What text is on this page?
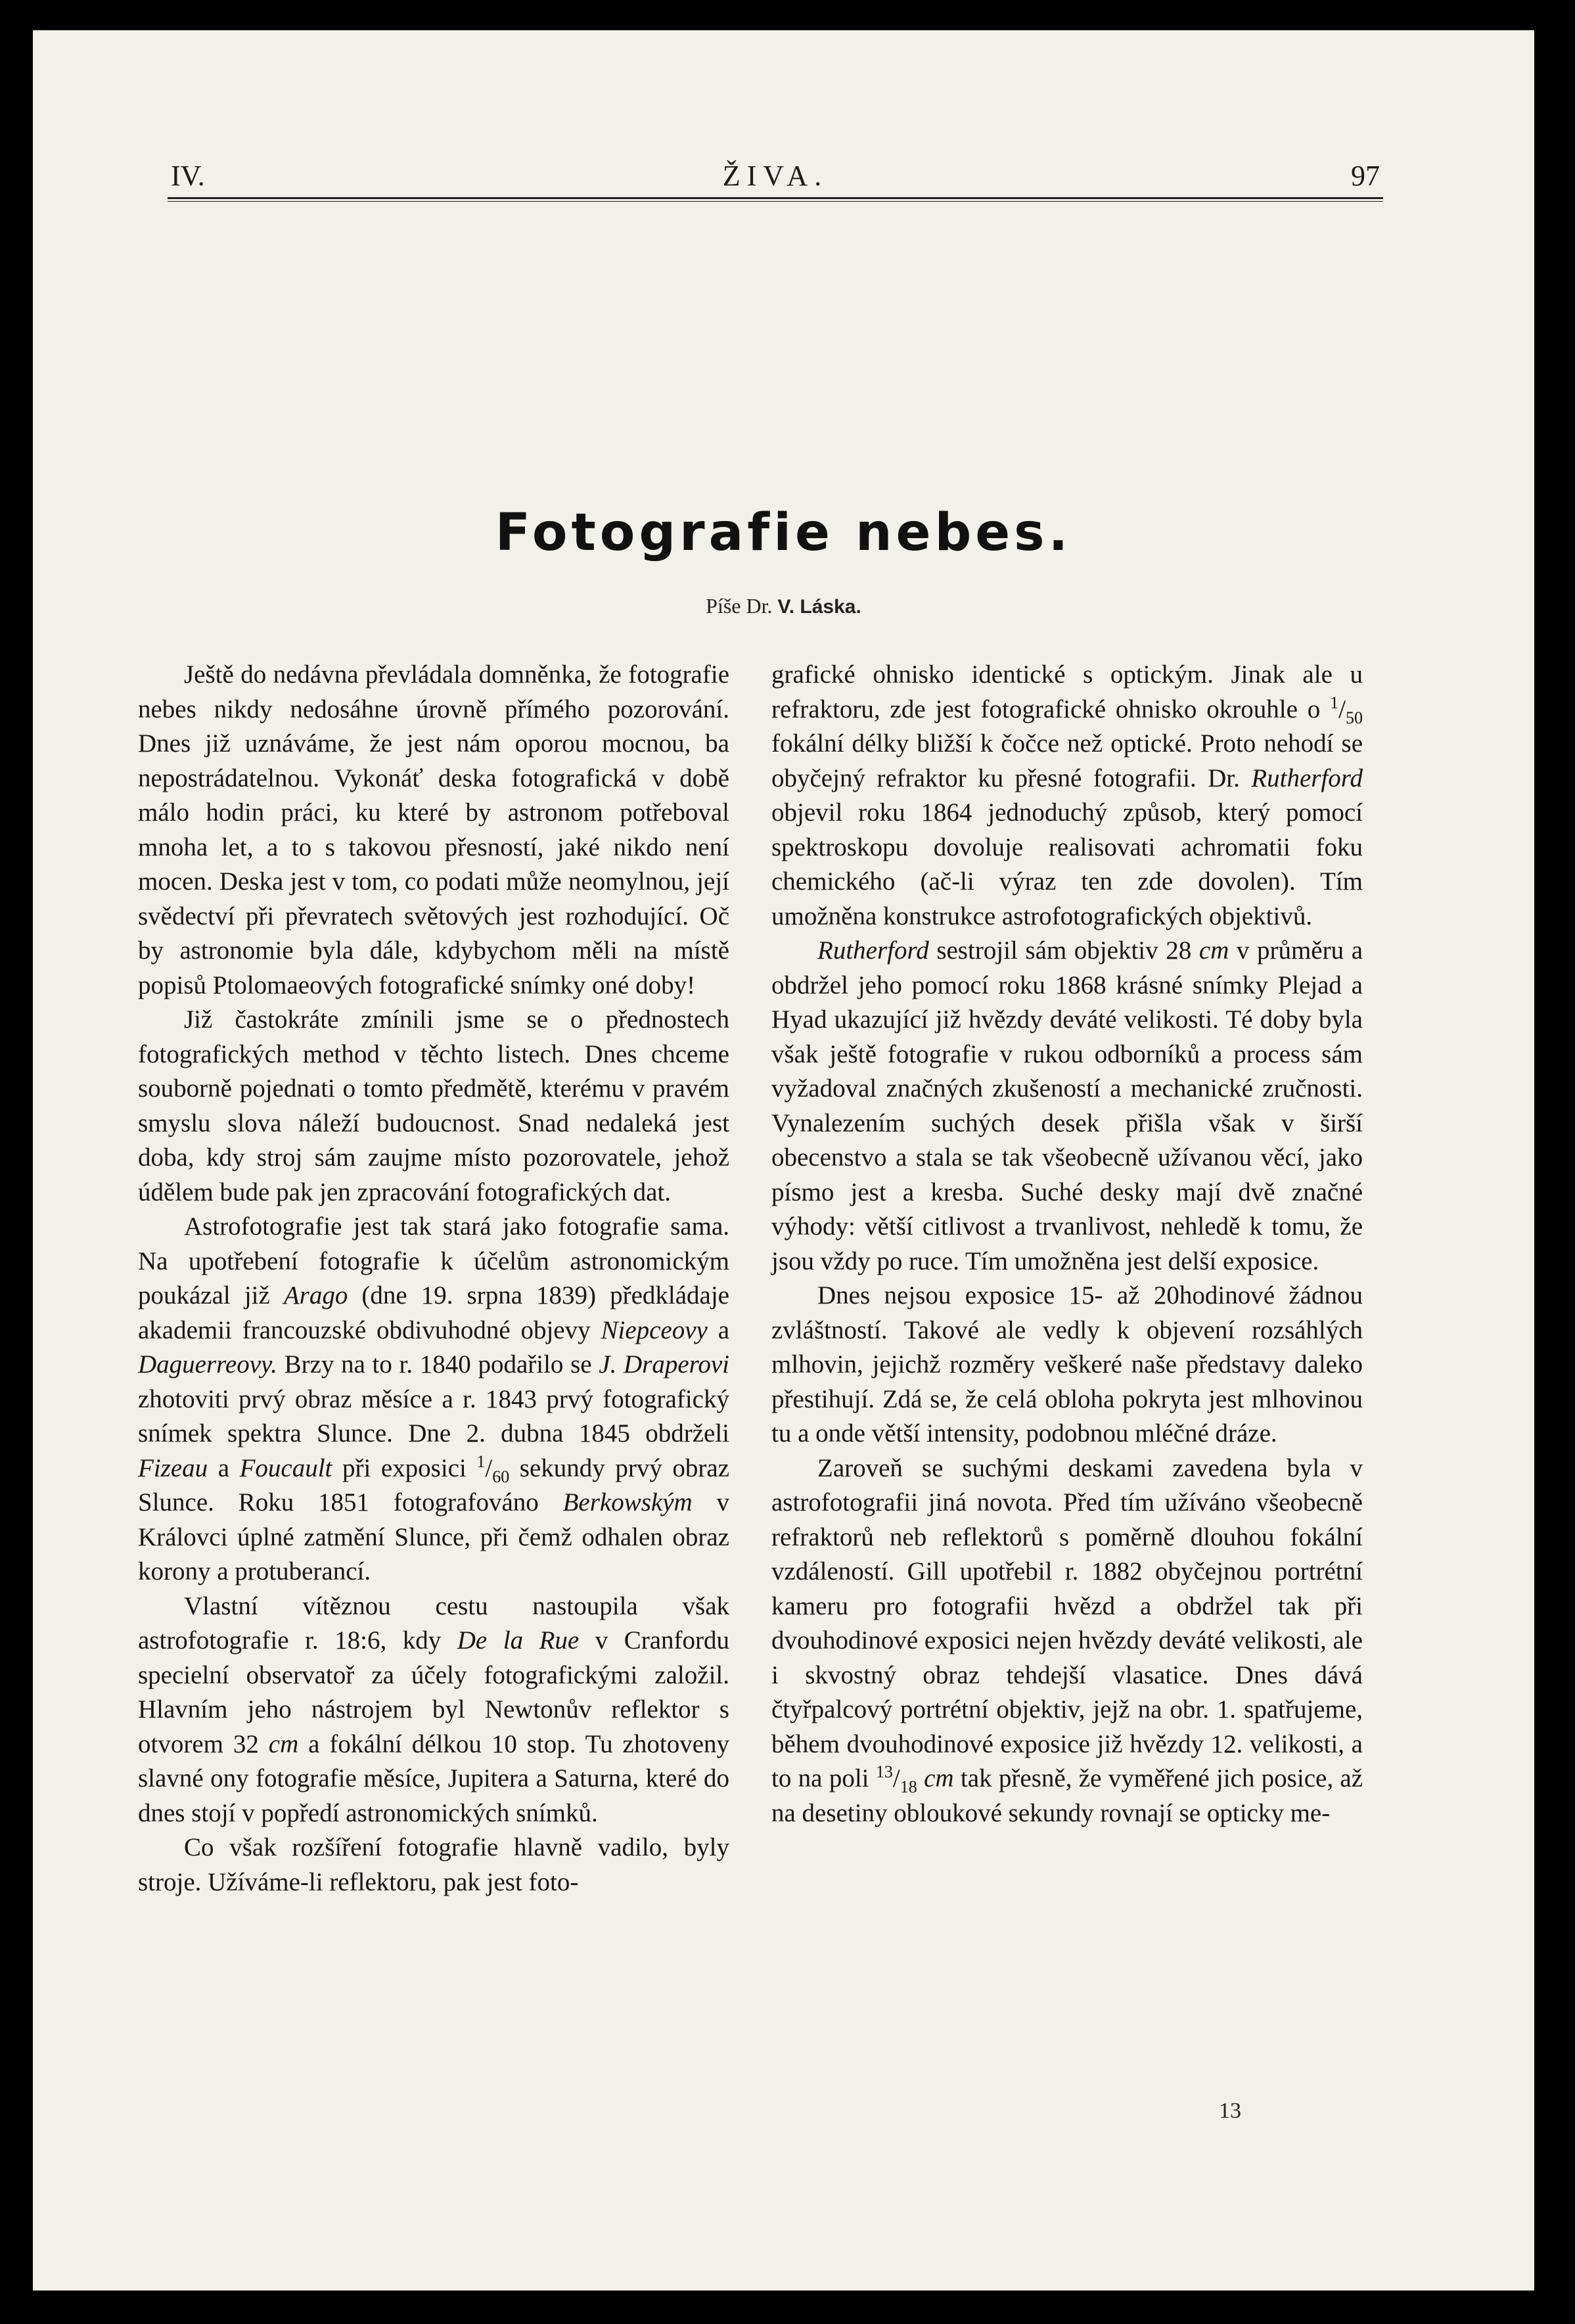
IV.	ŽIVA.	97
Fotografie nebes.
Píše Dr. V. Láska.

Ještě do nedávna převládala domněnka, že fotografie nebes nikdy nedosáhne úrovně přímého pozorování. Dnes již uznáváme, že jest nám oporou mocnou, ba nepostrádatelnou. Vykonáť deska fotografická v době málo hodin práci, ku které by astronom potřeboval mnoha let, a to s takovou přesností, jaké nikdo není mocen. Deska jest v tom, co podati může neomylnou, její svědectví při převratech světových jest rozhodující. Oč by astronomie byla dále, kdybychom měli na místě popisů Ptolomaeových fotografické snímky oné doby!

Již častokráte zmínili jsme se o přednostech fotografických method v těchto listech. Dnes chceme souborně pojednati o tomto předmětě, kterému v pravém smyslu slova náleží budoucnost. Snad nedaleká jest doba, kdy stroj sám zaujme místo pozorovatele, jehož údělem bude pak jen zpracování fotografických dat.

Astrofotografie jest tak stará jako fotografie sama. Na upotřebení fotografie k účelům astronomickým poukázal již Arago (dne 19. srpna 1839) předkládaje akademii francouzské obdivuhodné objevy Niepceovy a Daguerreovy. Brzy na to r. 1840 podařilo se J. Draperovi zhotoviti prvý obraz měsíce a r. 1843 prvý fotografický snímek spektra Slunce. Dne 2. dubna 1845 obdrželi Fizeau a Foucault při exposici $^1/_{60}$ sekundy prvý obraz Slunce. Roku 1851 fotografováno Berkowským v Královci úplné zatmění Slunce, při čemž odhalen obraz korony a protuberancí.

Vlastní vítěznou cestu nastoupila však astrofotografie r. 18:6, kdy De la Rue v Cranfordu specielní observatoř za účely fotografickými založil. Hlavním jeho nástrojem byl Newtonův reflektor s otvorem 32 cm a fokální délkou 10 stop. Tu zhotoveny slavné ony fotografie měsíce, Jupitera a Saturna, které do dnes stojí v popředí astronomických snímků.

Co však rozšíření fotografie hlavně vadilo, byly stroje. Užíváme-li reflektoru, pak jest foto-

grafické ohnisko identické s optickým. Jinak ale u refraktoru, zde jest fotografické ohnisko okrouhle o $^1/_{50}$ fokální délky bližší k čočce než optické. Proto nehodí se obyčejný refraktor ku přesné fotografii. Dr. Rutherford objevil roku 1864 jednoduchý způsob, který pomocí spektroskopu dovoluje realisovati achromatii foku chemického (ač-li výraz ten zde dovolen). Tím umožněna konstrukce astrofotografických objektivů.

Rutherford sestrojil sám objektiv 28 cm v průměru a obdržel jeho pomocí roku 1868 krásné snímky Plejad a Hyad ukazující již hvězdy deváté velikosti. Té doby byla však ještě fotografie v rukou odborníků a process sám vyžadoval značných zkušeností a mechanické zručnosti. Vynalezením suchých desek přišla však v širší obecenstvo a stala se tak všeobecně užívanou věcí, jako písmo jest a kresba. Suché desky mají dvě značné výhody: větší citlivost a trvanlivost, nehledě k tomu, že jsou vždy po ruce. Tím umožněna jest delší exposice.

Dnes nejsou exposice 15- až 20hodinové žádnou zvláštností. Takové ale vedly k objevení rozsáhlých mlhovin, jejichž rozměry veškeré naše představy daleko přestihují. Zdá se, že celá obloha pokryta jest mlhovinou tu a onde větší intensity, podobnou mléčné dráze.

Zaroveň se suchými deskami zavedena byla v astrofotografii jiná novota. Před tím užíváno všeobecně refraktorů neb reflektorů s poměrně dlouhou fokální vzdáleností. Gill upotřebil r. 1882 obyčejnou portrétní kameru pro fotografii hvězd a obdržel tak při dvouhodinové exposici nejen hvězdy deváté velikosti, ale i skvostný obraz tehdejší vlasatice. Dnes dává čtyřpalcový portrétní objektiv, jejž na obr. 1. spatřujeme, během dvouhodinové exposice již hvězdy 12. velikosti, a to na poli $^{13}/_{18}$ cm tak přesně, že vyměřené jich posice, až na desetiny obloukové sekundy rovnají se opticky me-

13
